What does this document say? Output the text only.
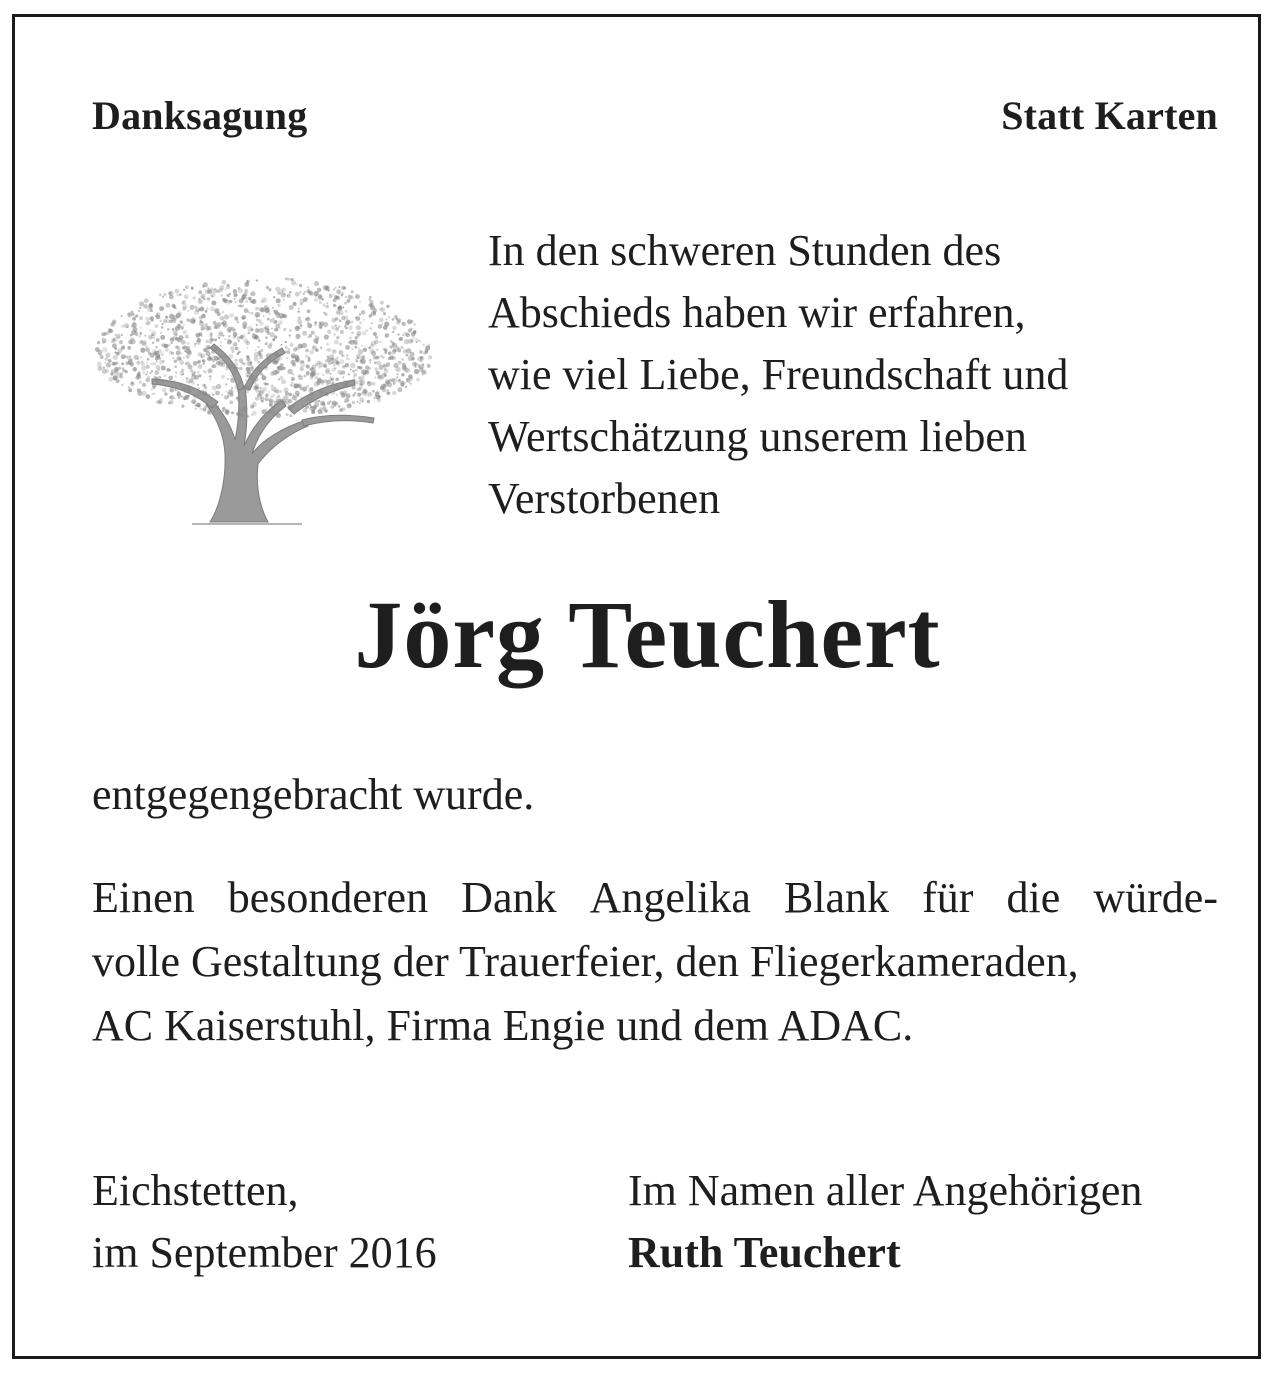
Danksagung	Statt Karten

In den schweren Stunden des
Abschieds haben wir erfahren,
wie viel Liebe, Freundschaft und
Wertschätzung unserem lieben
Verstorbenen

Jörg Teuchert

entgegengebracht wurde.

Einen besonderen Dank Angelika Blank für die würde-
volle Gestaltung der Trauerfeier, den Fliegerkameraden,
AC Kaiserstuhl, Firma Engie und dem ADAC.

Eichstetten,
im September 2016
Im Namen aller Angehörigen
Ruth Teuchert
